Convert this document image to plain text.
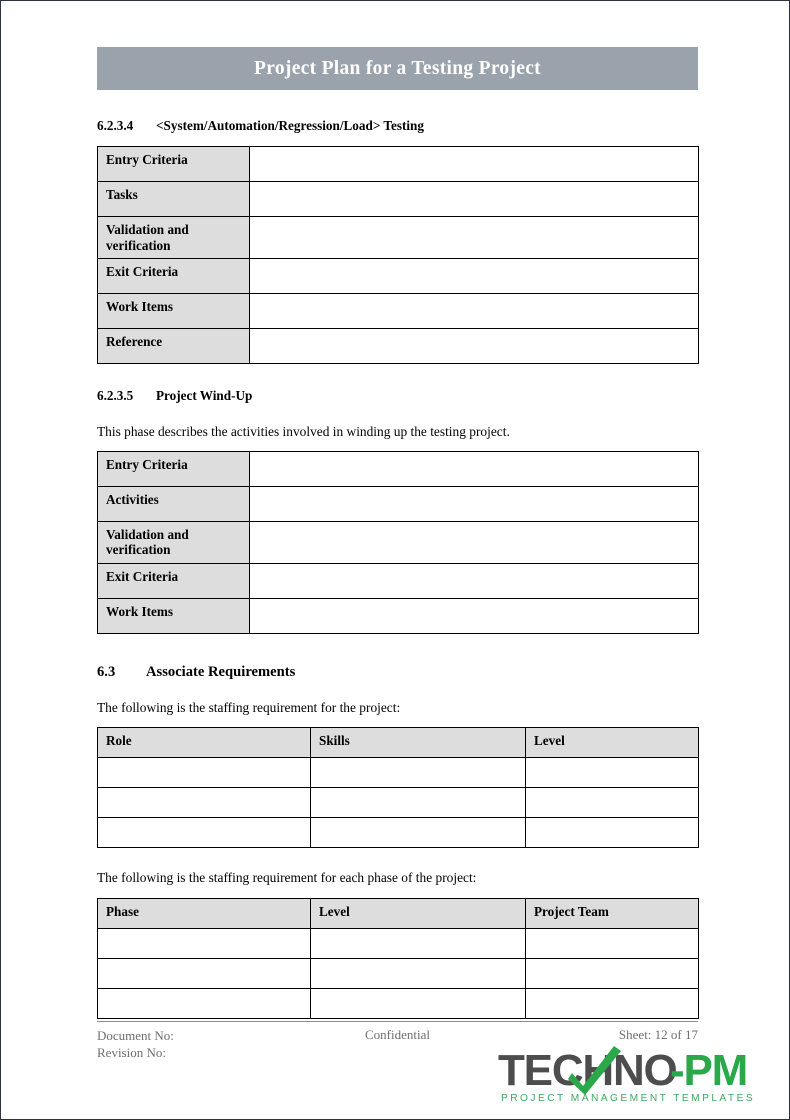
Project Plan for a Testing Project
6.2.3.4	<System/Automation/Regression/Load> Testing
Entry Criteria	
Tasks	
Validation and verification	
Exit Criteria	
Work Items	
Reference	
6.2.3.5	Project Wind-Up
This phase describes the activities involved in winding up the testing project.
Entry Criteria	
Activities	
Validation and verification	
Exit Criteria	
Work Items	
6.3	Associate Requirements
The following is the staffing requirement for the project:
Role	Skills	Level

The following is the staffing requirement for each phase of the project:
Phase	Level	Project Team

Document No:
Revision No:
Confidential	Sheet: 12 of 17
TECHNO
-PM
PROJECT MANAGEMENT TEMPLATES
